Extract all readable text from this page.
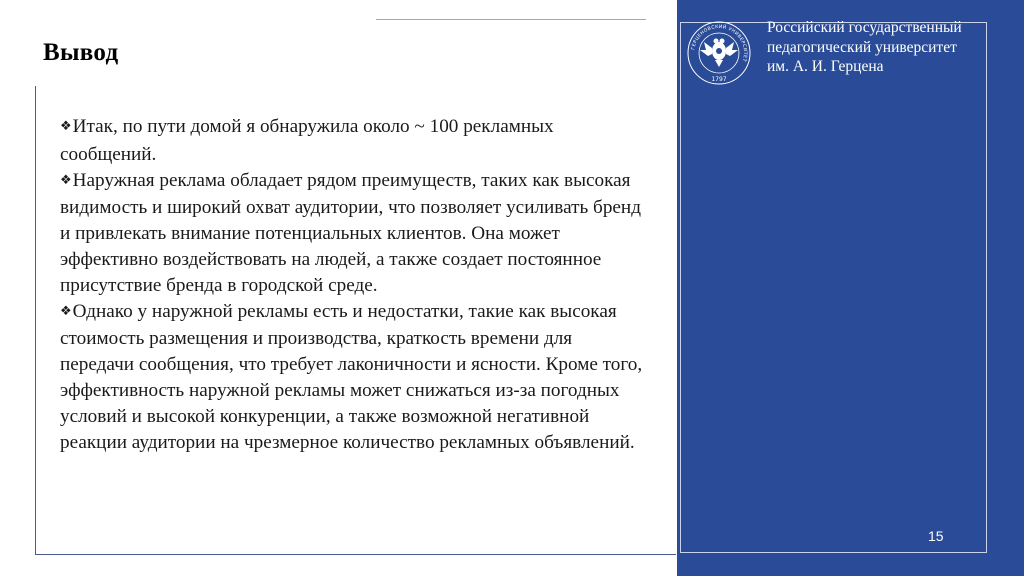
Вывод

❖Итак, по пути домой я обнаружила около ~ 100 рекламных сообщений.

❖Наружная реклама обладает рядом преимуществ, таких как высокая видимость и широкий охват аудитории, что позволяет усиливать бренд и привлекать внимание потенциальных клиентов. Она может эффективно воздействовать на людей, а также создает постоянное присутствие бренда в городской среде.

❖Однако у наружной рекламы есть и недостатки, такие как высокая стоимость размещения и производства, краткость времени для передачи сообщения, что требует лаконичности и ясности. Кроме того, эффективность наружной рекламы может снижаться из-за погодных условий и высокой конкуренции, а также возможной негативной реакции аудитории на чрезмерное количество рекламных объявлений.

ГЕРЦЕНОВСКИЙ УНИВЕРСИТЕТ
1797
Российский государственный
педагогический университет
им. А. И. Герцена
15
